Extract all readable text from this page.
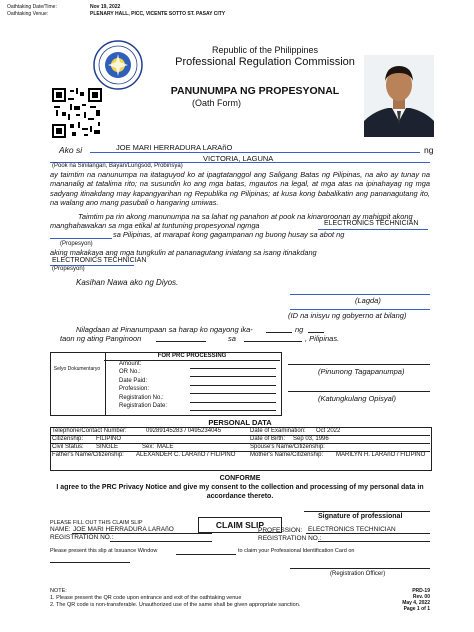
Oathtaking Date/Time:	Nov 19, 2022
Oathtaking Venue:	PLENARY HALL, PICC, VICENTE SOTTO ST. PASAY CITY
Republic of the Philippines
Professional Regulation Commission
PANUNUMPA NG PROPESYONAL
(Oath Form)
Ako si	JOE MARI HERRADURA LARAñO	ng
VICTORIA, LAGUNA
(Pook na Sinilangan, Bayan/Lungsod, Probinsya)
ay taimtim na nanunumpa na itataguyod ko at ipagtatanggol ang Saligang Batas ng Pilipinas, na ako ay tunay na mananalig at tatalima rito; na susundin ko ang mga batas, mgautos na legal, at mga atas na ipinahayag ng mga sadyang itinakdang may kapangyarihan ng Republika ng Pilipinas; at kusa kong babalikatin ang pananagutang ito, na walang ano mang pasubali o hangaring umiwas.
Taimtim pa rin akong manunumpa na sa lahat ng panahon at pook na kinaroroonan ay mahigpit akong manghahawakan sa mga etikal at tuntuning propesyonal ngmga	ELECTRONICS TECHNICIAN
sa Pilipinas, at marapat kong gagampanan ng buong husay sa abot ng
(Propesyon)
aking makakaya ang mga tungkulin at pananagutang iniatang sa isang itinakdang
ELECTRONICS TECHNICIAN
(Propesyon)
Kasihan Nawa ako ng Diyos.
(Lagda)
(ID na inisyu ng gobyerno at bilang)
Nilagdaan at Pinanumpaan sa harap ko ngayong ika-	ng
taon ng ating Panginoon	sa	, Pilipinas.
Selyo Dokumentaryo
FOR PRC PROCESSING
Amount:
OR No.:
Date Paid:
Profession:
Registration No.:
Registration Date:
(Pinunong Tagapanumpa)
(Katungkulang Opisyal)
PERSONAL DATA
Telephone/Contact Number:	09289145283 / 0495234045	Date of Examination: Oct 2022
Citizenship: FILIPINO	Date of Birth: Sep 03, 1996
Civil Status: SINGLE	Sex: MALE	Spouse's Name/Citizenship:
Father's Name/Citizenship: ALEXANDER C. LARAñO / FILIPINO Mother's Name/Citizenship: MARILYN H. LARAñO / FILIPINO
CONFORME
I agree to the PRC Privacy Notice and give my consent to the collection and processing of my personal data in accordance thereto.
Signature of professional
PLEASE FILL OUT THIS CLAIM SLIP	CLAIM SLIP
NAME: JOE MARI HERRADURA LARAñO	PROFESSION: ELECTRONICS TECHNICIAN
REGISTRATION NO.:	REGISTRATION NO.:
Please present this slip at Issuance Window	to claim your Professional Identification Card on
(Registration Officer)
NOTE:
1. Please present the QR code upon entrance and exit of the oathtaking venue
2. The QR code is non-transferable. Unauthorized use of the same shall be given appropriate sanction.
PRD-19
Rev. 00
May 4, 2022
Page 1 of 1
